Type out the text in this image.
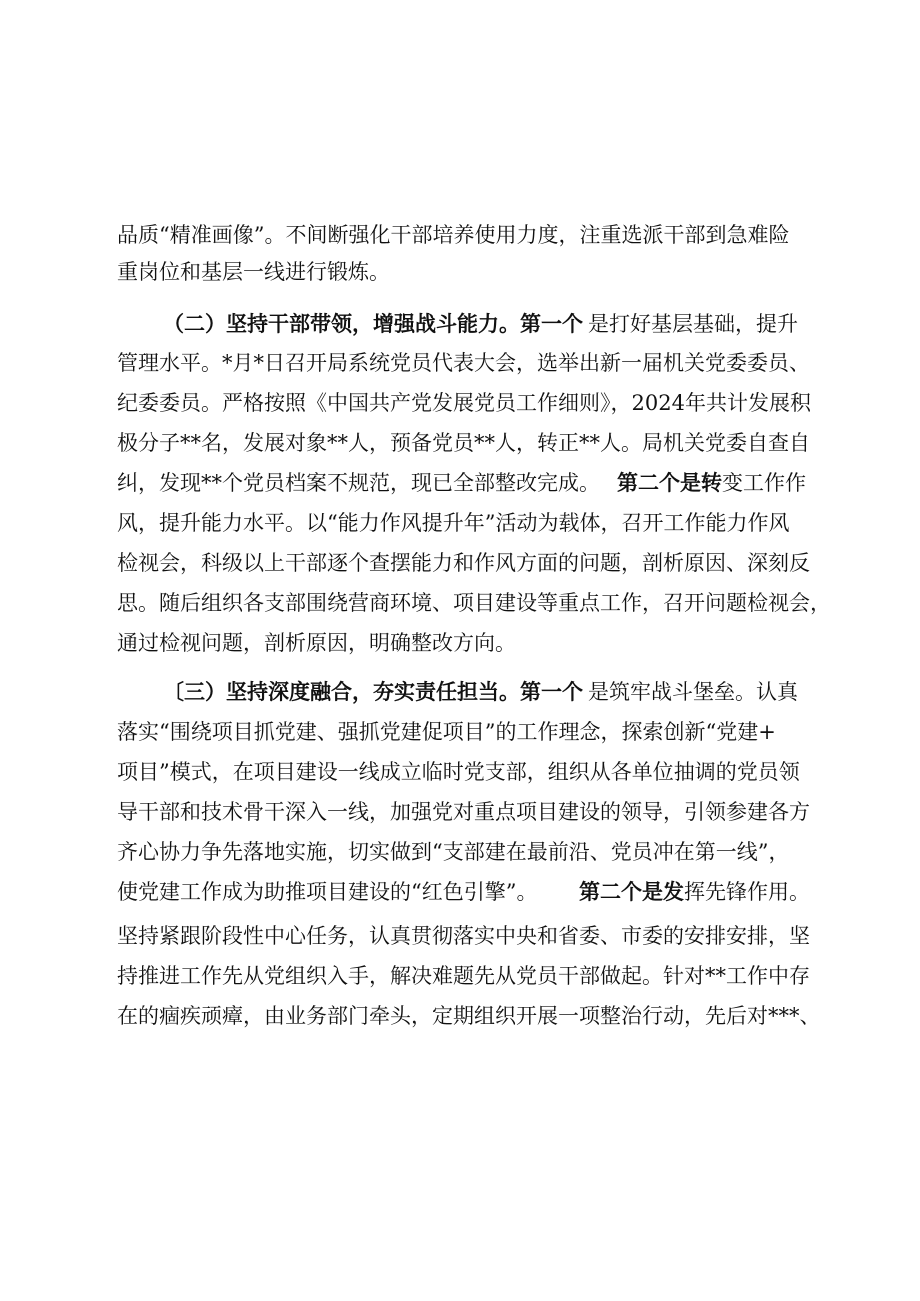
品质“精准画像”。不间断强化干部培养使用力度，注重选派干部到急难险
重岗位和基层一线进行锻炼。
（二）坚持干部带领，增强战斗能力。第一个 是打好基层基础，提升
管理水平。*月*日召开局系统党员代表大会，选举出新一届机关党委委员、
纪委委员。严格按照《中国共产党发展党员工作细则》，2024年共计发展积
极分子**名，发展对象**人，预备党员**人，转正**人。局机关党委自查自
纠，发现**个党员档案不规范，现已全部整改完成。 第二个是转 变工作作
风，提升能力水平。以“能力作风提升年”活动为载体，召开工作能力作风
检视会，科级以上干部逐个查摆能力和作风方面的问题，剖析原因、深刻反
思。随后组织各支部围绕营商环境、项目建设等重点工作，召开问题检视会，
通过检视问题，剖析原因，明确整改方向。
〔三）坚持深度融合，夯实责任担当。第一个 是筑牢战斗堡垒。认真
落实“围绕项目抓党建、强抓党建促项目”的工作理念，探索创新“党建+
项目”模式，在项目建设一线成立临时党支部，组织从各单位抽调的党员领
导干部和技术骨干深入一线，加强党对重点项目建设的领导，引领参建各方
齐心协力争先落地实施，切实做到“支部建在最前沿、党员冲在第一线”，
使党建工作成为助推项目建设的“红色引擎”。 第二个是发 挥先锋作用。
坚持紧跟阶段性中心任务，认真贯彻落实中央和省委、市委的安排安排，坚
持推进工作先从党组织入手，解决难题先从党员干部做起。针对**工作中存
在的痼疾顽瘴，由业务部门牵头，定期组织开展一项整治行动，先后对***、
